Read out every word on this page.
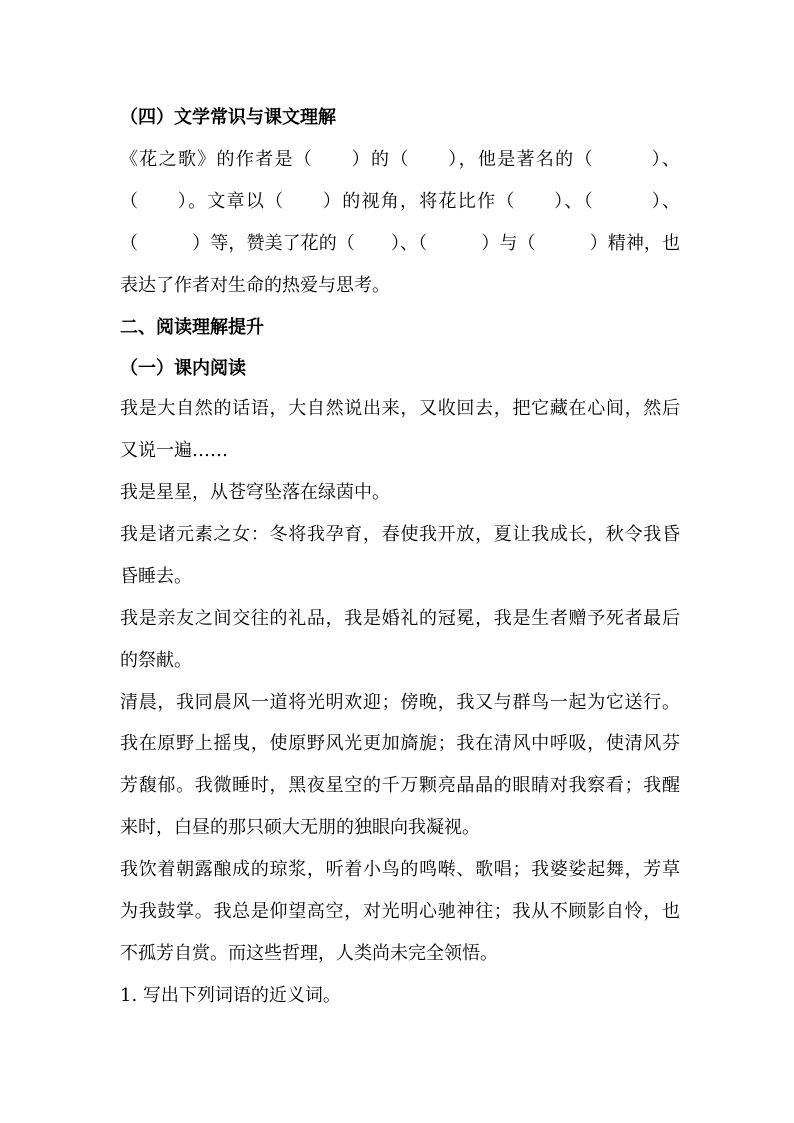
（四）文学常识与课文理解
《花之歌》的作者是（　　）的（　　），他是著名的（　　　）、
（　　）。文章以（　　）的视角，将花比作（　　）、（　　　）、
（　　　）等，赞美了花的（　　）、（　　　）与（　　　）精神，也
表达了作者对生命的热爱与思考。
二、阅读理解提升
（一）课内阅读
我是大自然的话语，大自然说出来，又收回去，把它藏在心间，然后
又说一遍……
我是星星，从苍穹坠落在绿茵中。
我是诸元素之女：冬将我孕育，春使我开放，夏让我成长，秋令我昏
昏睡去。
我是亲友之间交往的礼品，我是婚礼的冠冕，我是生者赠予死者最后
的祭献。
清晨，我同晨风一道将光明欢迎；傍晚，我又与群鸟一起为它送行。
我在原野上摇曳，使原野风光更加旖旎；我在清风中呼吸，使清风芬
芳馥郁。我微睡时，黑夜星空的千万颗亮晶晶的眼睛对我察看；我醒
来时，白昼的那只硕大无朋的独眼向我凝视。
我饮着朝露酿成的琼浆，听着小鸟的鸣啭、歌唱；我婆娑起舞，芳草
为我鼓掌。我总是仰望高空，对光明心驰神往；我从不顾影自怜，也
不孤芳自赏。而这些哲理，人类尚未完全领悟。
1. 写出下列词语的近义词。
